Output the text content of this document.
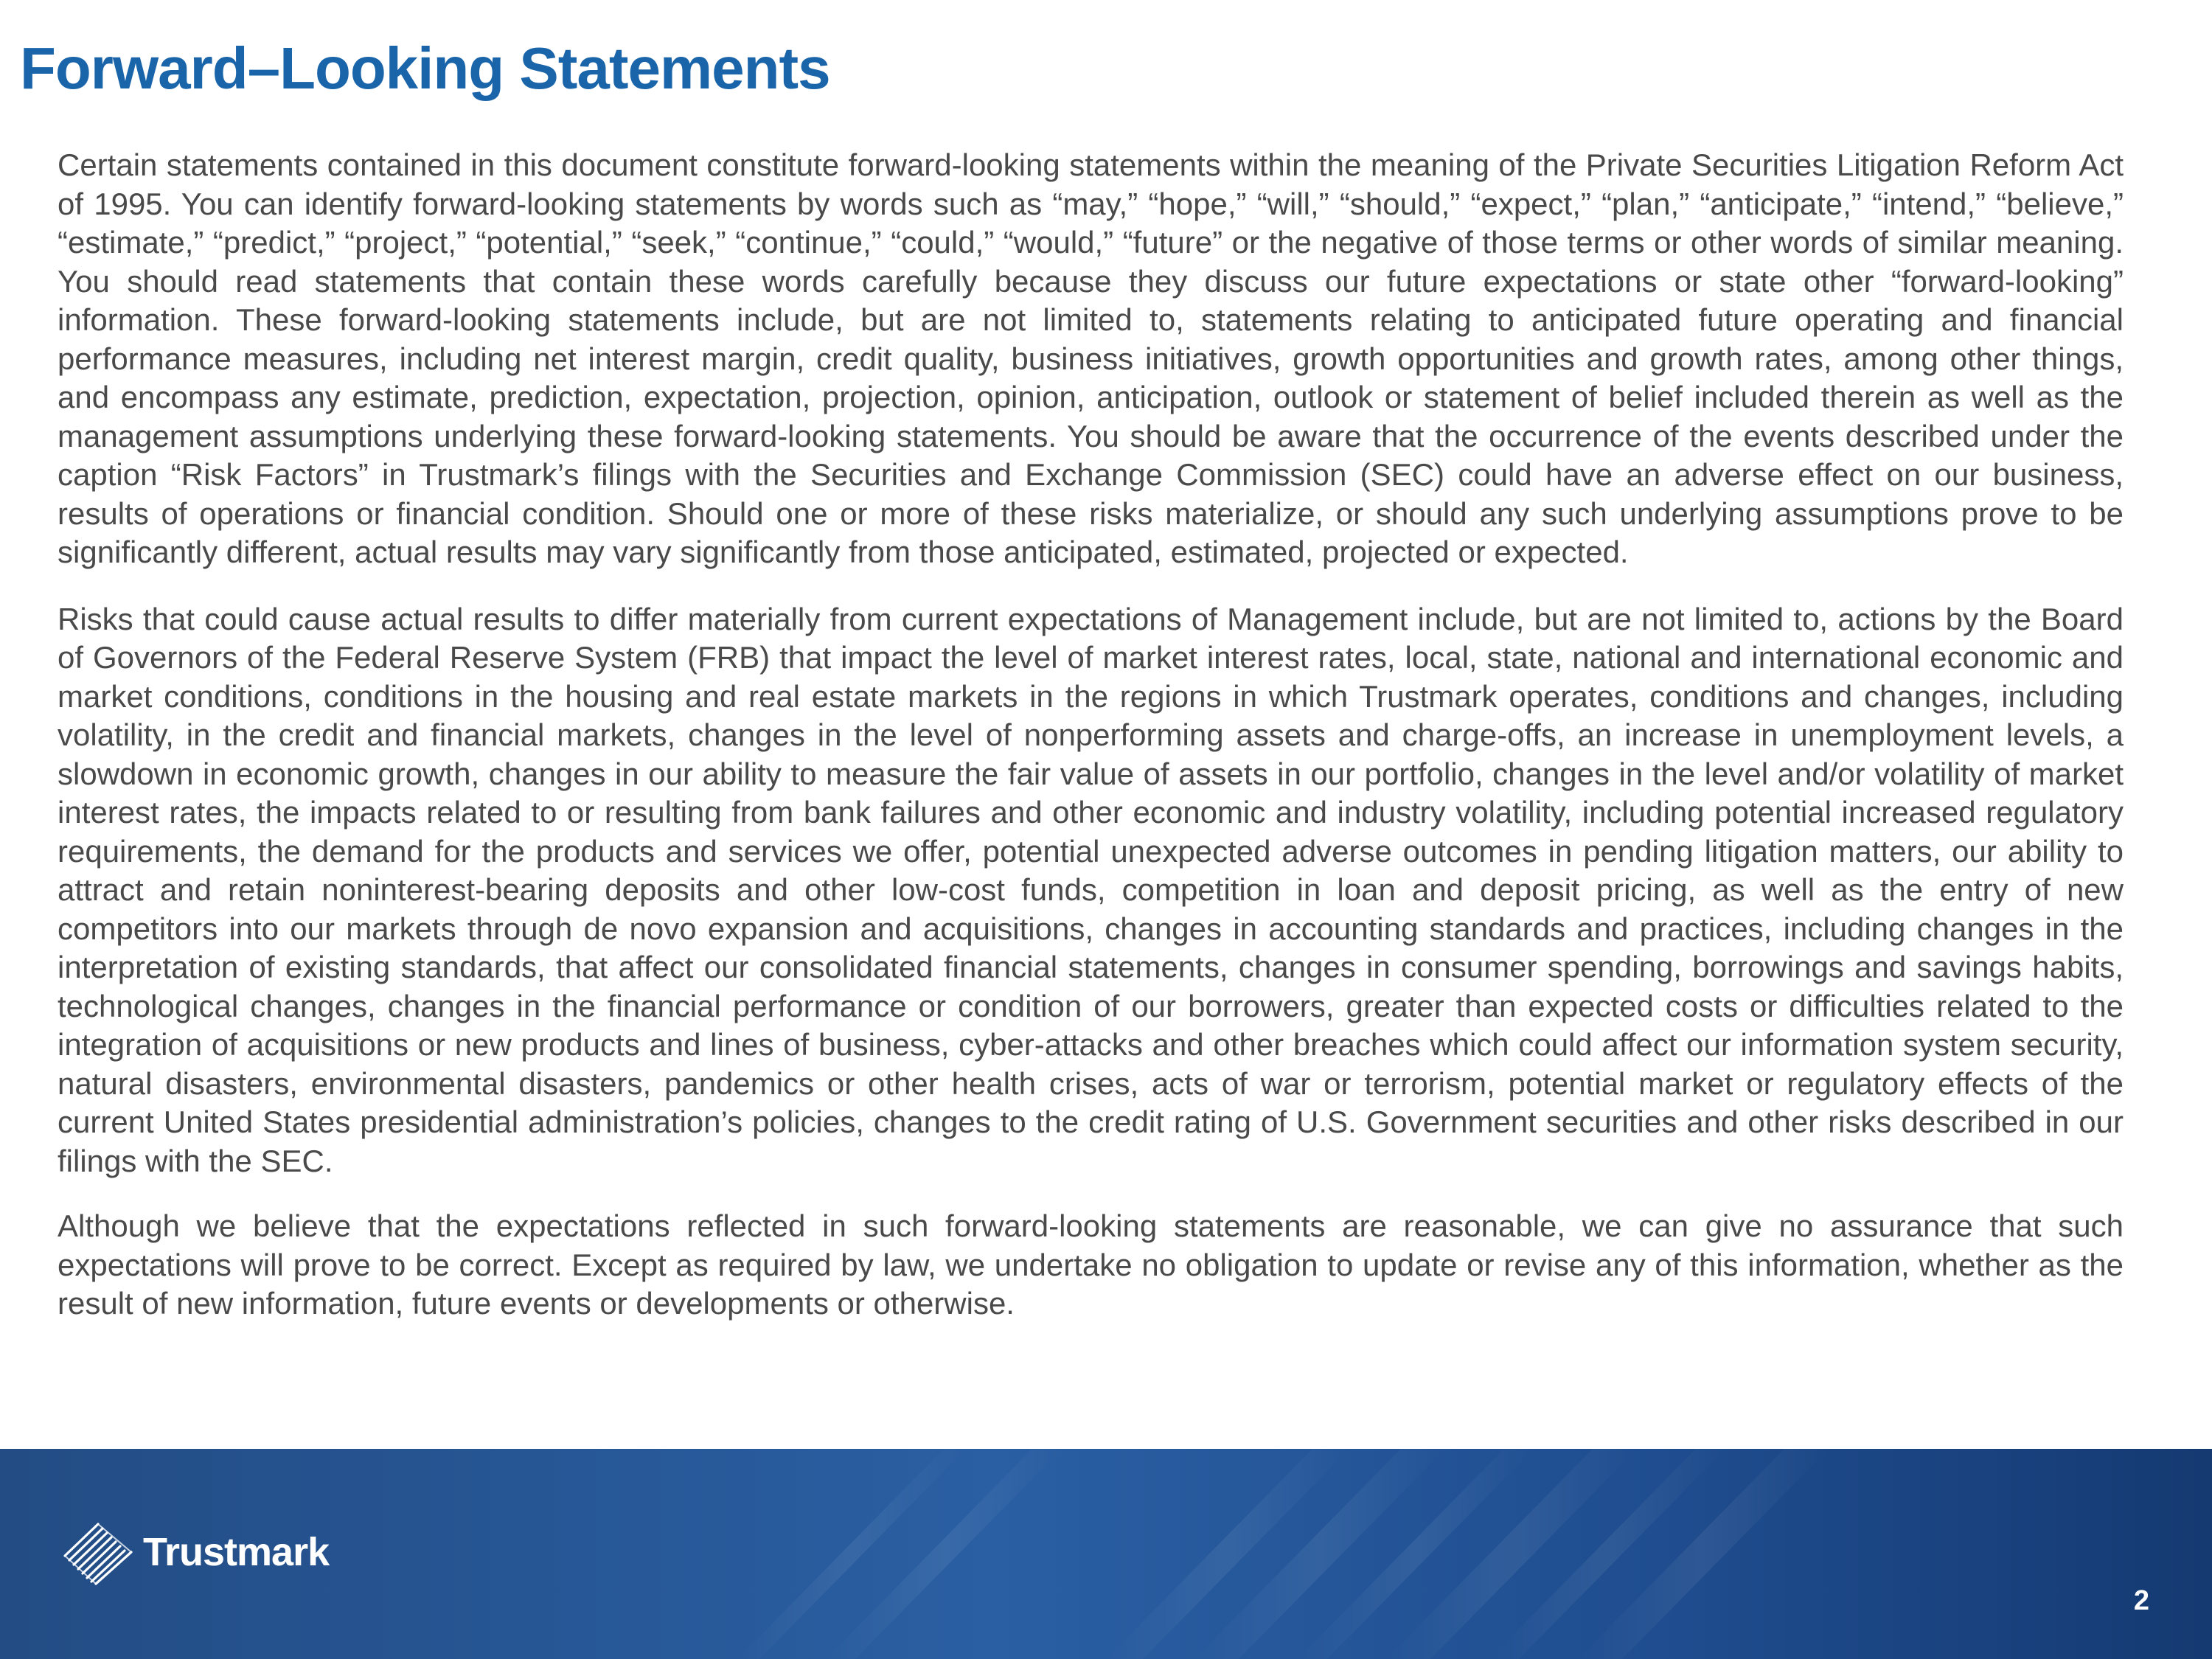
Forward–Looking Statements

Certain statements contained in this document constitute forward-looking statements within the meaning of the Private Securities Litigation Reform Act of 1995. You can identify forward-looking statements by words such as “may,” “hope,” “will,” “should,” “expect,” “plan,” “anticipate,” “intend,” “believe,” “estimate,” “predict,” “project,” “potential,” “seek,” “continue,” “could,” “would,” “future” or the negative of those terms or other words of similar meaning. You should read statements that contain these words carefully because they discuss our future expectations or state other “forward-looking” information. These forward-looking statements include, but are not limited to, statements relating to anticipated future operating and financial performance measures, including net interest margin, credit quality, business initiatives, growth opportunities and growth rates, among other things, and encompass any estimate, prediction, expectation, projection, opinion, anticipation, outlook or statement of belief included therein as well as the management assumptions underlying these forward-looking statements. You should be aware that the occurrence of the events described under the caption “Risk Factors” in Trustmark’s filings with the Securities and Exchange Commission (SEC) could have an adverse effect on our business, results of operations or financial condition. Should one or more of these risks materialize, or should any such underlying assumptions prove to be significantly different, actual results may vary significantly from those anticipated, estimated, projected or expected.

Risks that could cause actual results to differ materially from current expectations of Management include, but are not limited to, actions by the Board of Governors of the Federal Reserve System (FRB) that impact the level of market interest rates, local, state, national and international economic and market conditions, conditions in the housing and real estate markets in the regions in which Trustmark operates, conditions and changes, including volatility, in the credit and financial markets, changes in the level of nonperforming assets and charge-offs, an increase in unemployment levels, a slowdown in economic growth, changes in our ability to measure the fair value of assets in our portfolio, changes in the level and/or volatility of market interest rates, the impacts related to or resulting from bank failures and other economic and industry volatility, including potential increased regulatory requirements, the demand for the products and services we offer, potential unexpected adverse outcomes in pending litigation matters, our ability to attract and retain noninterest-bearing deposits and other low-cost funds, competition in loan and deposit pricing, as well as the entry of new competitors into our markets through de novo expansion and acquisitions, changes in accounting standards and practices, including changes in the interpretation of existing standards, that affect our consolidated financial statements, changes in consumer spending, borrowings and savings habits, technological changes, changes in the financial performance or condition of our borrowers, greater than expected costs or difficulties related to the integration of acquisitions or new products and lines of business, cyber-attacks and other breaches which could affect our information system security, natural disasters, environmental disasters, pandemics or other health crises, acts of war or terrorism, potential market or regulatory effects of the current United States presidential administration’s policies, changes to the credit rating of U.S. Government securities and other risks described in our filings with the SEC.

Although we believe that the expectations reflected in such forward-looking statements are reasonable, we can give no assurance that such expectations will prove to be correct. Except as required by law, we undertake no obligation to update or revise any of this information, whether as the result of new information, future events or developments or otherwise.

Trustmark
2
